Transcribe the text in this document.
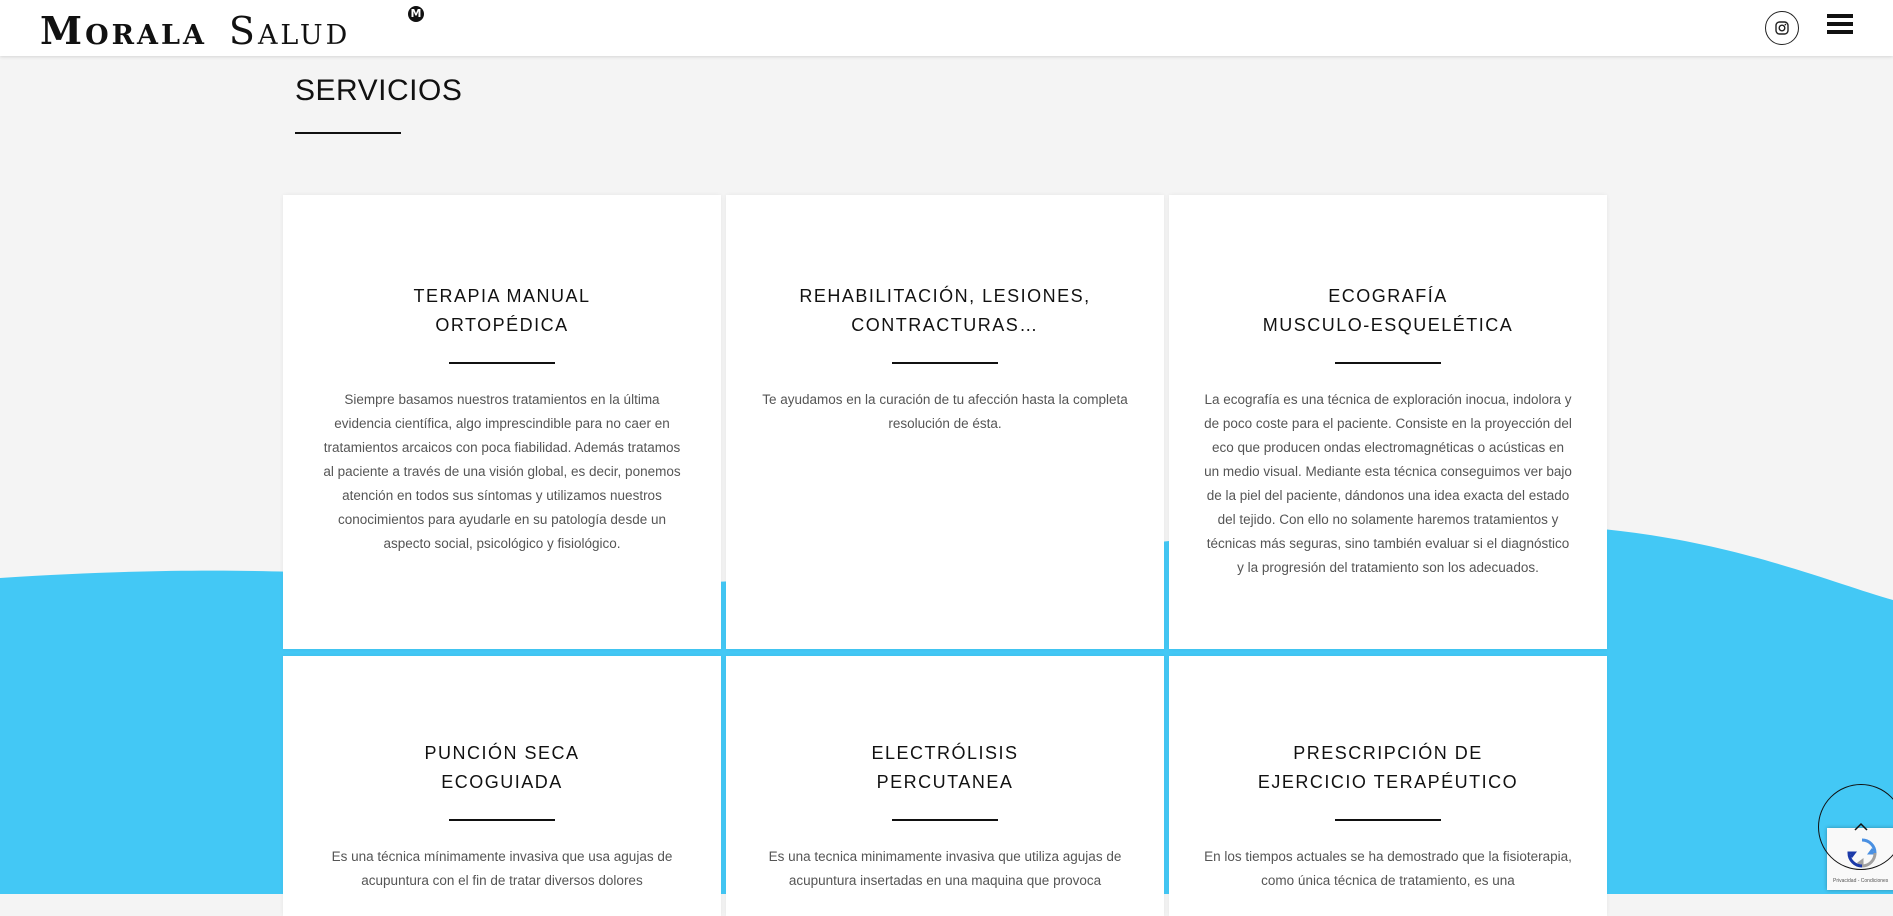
Morala Salud	M
SERVICIOS
TERAPIA MANUAL
ORTOPÉDICA

Siempre basamos nuestros tratamientos en la última evidencia científica, algo imprescindible para no caer en tratamientos arcaicos con poca fiabilidad. Además tratamos al paciente a través de una visión global, es decir, ponemos atención en todos sus síntomas y utilizamos nuestros conocimientos para ayudarle en su patología desde un aspecto social, psicológico y fisiológico.

REHABILITACIÓN, LESIONES,
CONTRACTURAS…

Te ayudamos en la curación de tu afección hasta la completa resolución de ésta.

ECOGRAFÍA
MUSCULO-ESQUELÉTICA

La ecografía es una técnica de exploración inocua, indolora y de poco coste para el paciente. Consiste en la proyección del eco que producen ondas electromagnéticas o acústicas en un medio visual. Mediante esta técnica conseguimos ver bajo de la piel del paciente, dándonos una idea exacta del estado del tejido. Con ello no solamente haremos tratamientos y técnicas más seguras, sino también evaluar si el diagnóstico y la progresión del tratamiento son los adecuados.

PUNCIÓN SECA
ECOGUIADA

Es una técnica mínimamente invasiva que usa agujas de acupuntura con el fin de tratar diversos dolores

ELECTRÓLISIS
PERCUTANEA

Es una tecnica minimamente invasiva que utiliza agujas de acupuntura insertadas en una maquina que provoca

PRESCRIPCIÓN DE
EJERCICIO TERAPÉUTICO

En los tiempos actuales se ha demostrado que la fisioterapia, como única técnica de tratamiento, es una	Privacidad - Condiciones
